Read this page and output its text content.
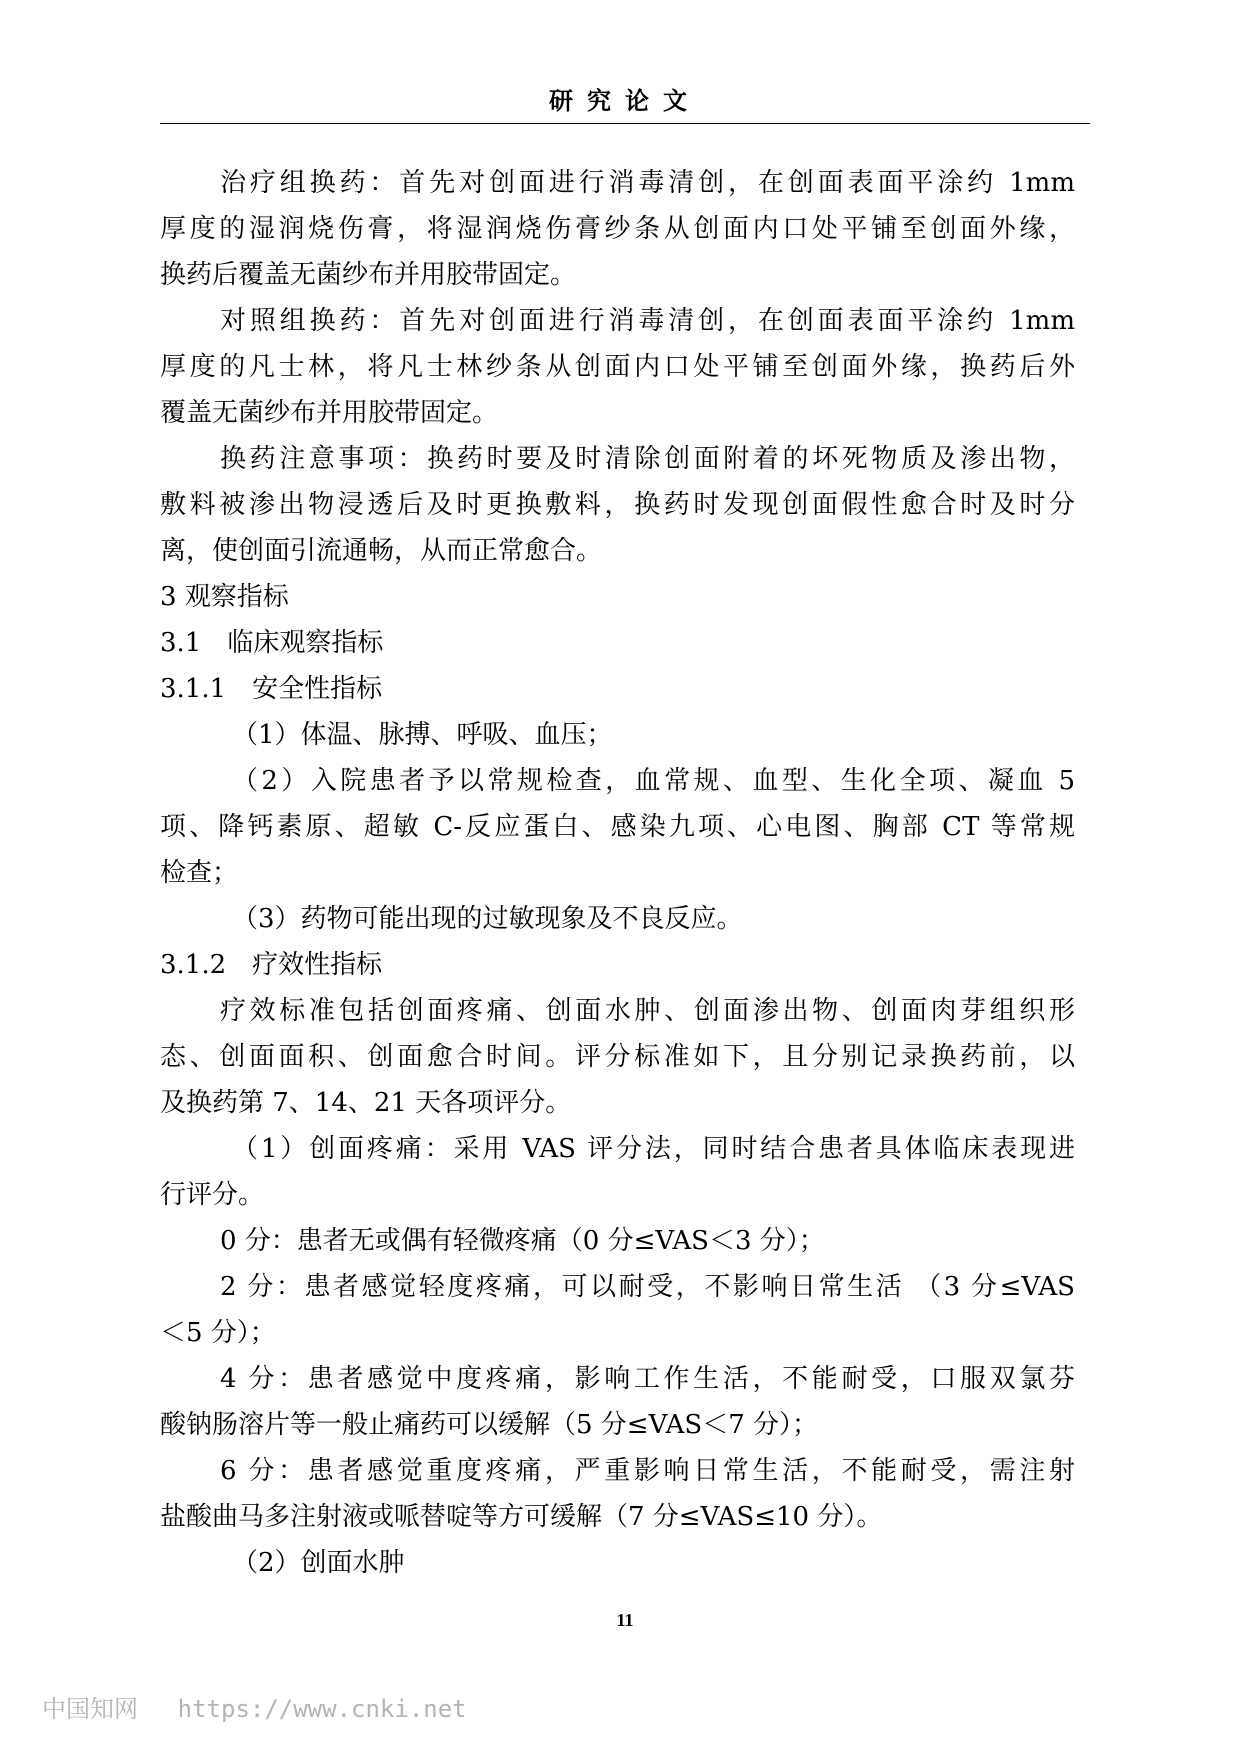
研究论文
治疗组换药：首先对创面进行消毒清创，在创面表面平涂约 1mm
厚度的湿润烧伤膏，将湿润烧伤膏纱条从创面内口处平铺至创面外缘，
换药后覆盖无菌纱布并用胶带固定。
对照组换药：首先对创面进行消毒清创，在创面表面平涂约 1mm
厚度的凡士林，将凡士林纱条从创面内口处平铺至创面外缘，换药后外
覆盖无菌纱布并用胶带固定。
换药注意事项：换药时要及时清除创面附着的坏死物质及渗出物，
敷料被渗出物浸透后及时更换敷料，换药时发现创面假性愈合时及时分
离，使创面引流通畅，从而正常愈合。
3 观察指标
3.1　临床观察指标
3.1.1　安全性指标
（1）体温、脉搏、呼吸、血压；
（2）入院患者予以常规检查，血常规、血型、生化全项、凝血 5
项、降钙素原、超敏 C-反应蛋白、感染九项、心电图、胸部 CT 等常规
检查；
（3）药物可能出现的过敏现象及不良反应。
3.1.2　疗效性指标
疗效标准包括创面疼痛、创面水肿、创面渗出物、创面肉芽组织形
态、创面面积、创面愈合时间。评分标准如下，且分别记录换药前，以
及换药第 7、14、21 天各项评分。
（1）创面疼痛：采用 VAS 评分法，同时结合患者具体临床表现进
行评分。
0 分：患者无或偶有轻微疼痛（0 分≤VAS＜3 分）；
2 分：患者感觉轻度疼痛，可以耐受，不影响日常生活 （3 分≤VAS
＜5 分）；
4 分：患者感觉中度疼痛，影响工作生活，不能耐受，口服双氯芬
酸钠肠溶片等一般止痛药可以缓解（5 分≤VAS＜7 分）；
6 分：患者感觉重度疼痛，严重影响日常生活，不能耐受，需注射
盐酸曲马多注射液或哌替啶等方可缓解（7 分≤VAS≤10 分）。
（2）创面水肿
11
中国知网 https://www.cnki.net
